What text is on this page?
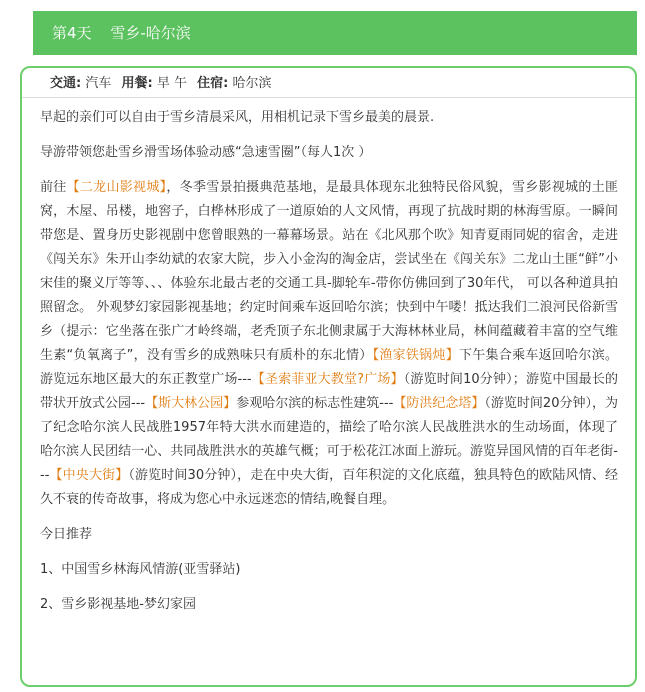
第4天 雪乡-哈尔滨
交通: 汽车 用餐: 早 午 住宿: 哈尔滨

早起的亲们可以自由于雪乡清晨采风，用相机记录下雪乡最美的晨景.

导游带领您赴雪乡滑雪场体验动感“急速雪圈”（每人1次 ）

前往【二龙山影视城】，冬季雪景拍摄典范基地，是最具体现东北独特民俗风貌，雪乡影视城的土匪窝，木屋、吊楼，地窖子，白桦林形成了一道原始的人文风情，再现了抗战时期的林海雪原。一瞬间带您是、置身历史影视剧中您曾眼熟的一幕幕场景。站在《北风那个吹》知青夏雨同妮的宿舍，走进《闯关东》朱开山李幼斌的农家大院，步入小金沟的淘金店，尝试坐在《闯关东》二龙山土匪“鲜”小宋佳的聚义厅等等、、、体验东北最古老的交通工具-脚轮车-带你仿佛回到了30年代， 可以各种道具拍照留念。 外观梦幻家园影视基地；约定时间乘车返回哈尔滨；快到中午喽！抵达我们二浪河民俗新雪乡（提示：它坐落在张广才岭终端，老秃顶子东北侧隶属于大海林林业局，林间蕴藏着丰富的空气维生素“负氧离子”，没有雪乡的成熟味只有质朴的东北情）【渔家铁锅炖】下午集合乘车返回哈尔滨。游览远东地区最大的东正教堂广场---【圣索菲亚大教堂?广场】（游览时间10分钟）；游览中国最长的带状开放式公园---【斯大林公园】参观哈尔滨的标志性建筑---【防洪纪念塔】（游览时间20分钟），为了纪念哈尔滨人民战胜1957年特大洪水而建造的，描绘了哈尔滨人民战胜洪水的生动场面，体现了哈尔滨人民团结一心、共同战胜洪水的英雄气概；可于松花江冰面上游玩。游览异国风情的百年老街---【中央大街】（游览时间30分钟），走在中央大街，百年积淀的文化底蕴，独具特色的欧陆风情、经久不衰的传奇故事，将成为您心中永远迷恋的情结,晚餐自理。

今日推荐

1、中国雪乡林海风情游(亚雪驿站)

2、雪乡影视基地-梦幻家园
